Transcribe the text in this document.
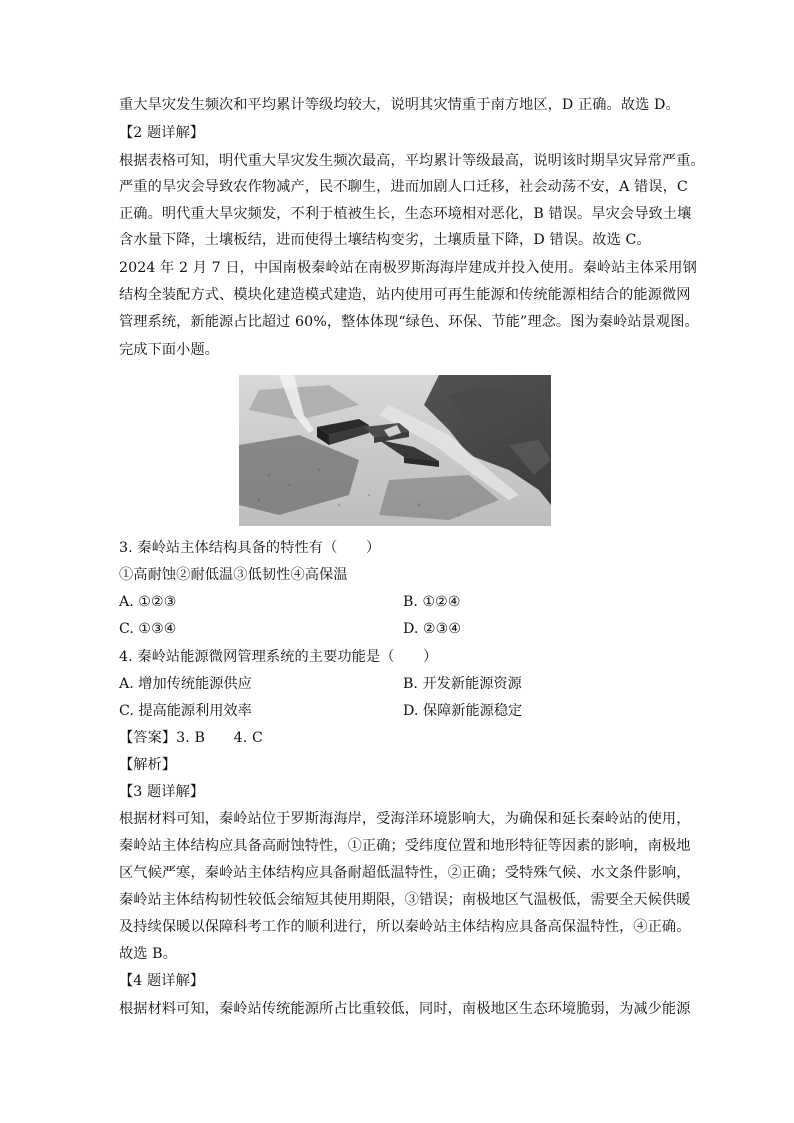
重大旱灾发生频次和平均累计等级均较大，说明其灾情重于南方地区，D 正确。故选 D。
【2 题详解】
根据表格可知，明代重大旱灾发生频次最高，平均累计等级最高，说明该时期旱灾异常严重。
严重的旱灾会导致农作物减产，民不聊生，进而加剧人口迁移，社会动荡不安，A 错误，C
正确。明代重大旱灾频发，不利于植被生长，生态环境相对恶化，B 错误。旱灾会导致土壤
含水量下降，土壤板结，进而使得土壤结构变劣，土壤质量下降，D 错误。故选 C。
2024 年 2 月 7 日，中国南极秦岭站在南极罗斯海海岸建成并投入使用。秦岭站主体采用钢
结构全装配方式、模块化建造模式建造，站内使用可再生能源和传统能源相结合的能源微网
管理系统，新能源占比超过 60%，整体体现“绿色、环保、节能”理念。图为秦岭站景观图。
完成下面小题。
3. 秦岭站主体结构具备的特性有（　　）
①高耐蚀②耐低温③低韧性④高保温
A. ①②③	B. ①②④
C. ①③④	D. ②③④
4. 秦岭站能源微网管理系统的主要功能是（　　）
A. 增加传统能源供应	B. 开发新能源资源
C. 提高能源利用效率	D. 保障新能源稳定
【答案】3. B　　4. C
【解析】
【3 题详解】
根据材料可知，秦岭站位于罗斯海海岸，受海洋环境影响大，为确保和延长秦岭站的使用，
秦岭站主体结构应具备高耐蚀特性，①正确；受纬度位置和地形特征等因素的影响，南极地
区气候严寒，秦岭站主体结构应具备耐超低温特性，②正确；受特殊气候、水文条件影响，
秦岭站主体结构韧性较低会缩短其使用期限，③错误；南极地区气温极低，需要全天候供暖
及持续保暖以保障科考工作的顺利进行，所以秦岭站主体结构应具备高保温特性，④正确。
故选 B。
【4 题详解】
根据材料可知，秦岭站传统能源所占比重较低，同时，南极地区生态环境脆弱，为减少能源
